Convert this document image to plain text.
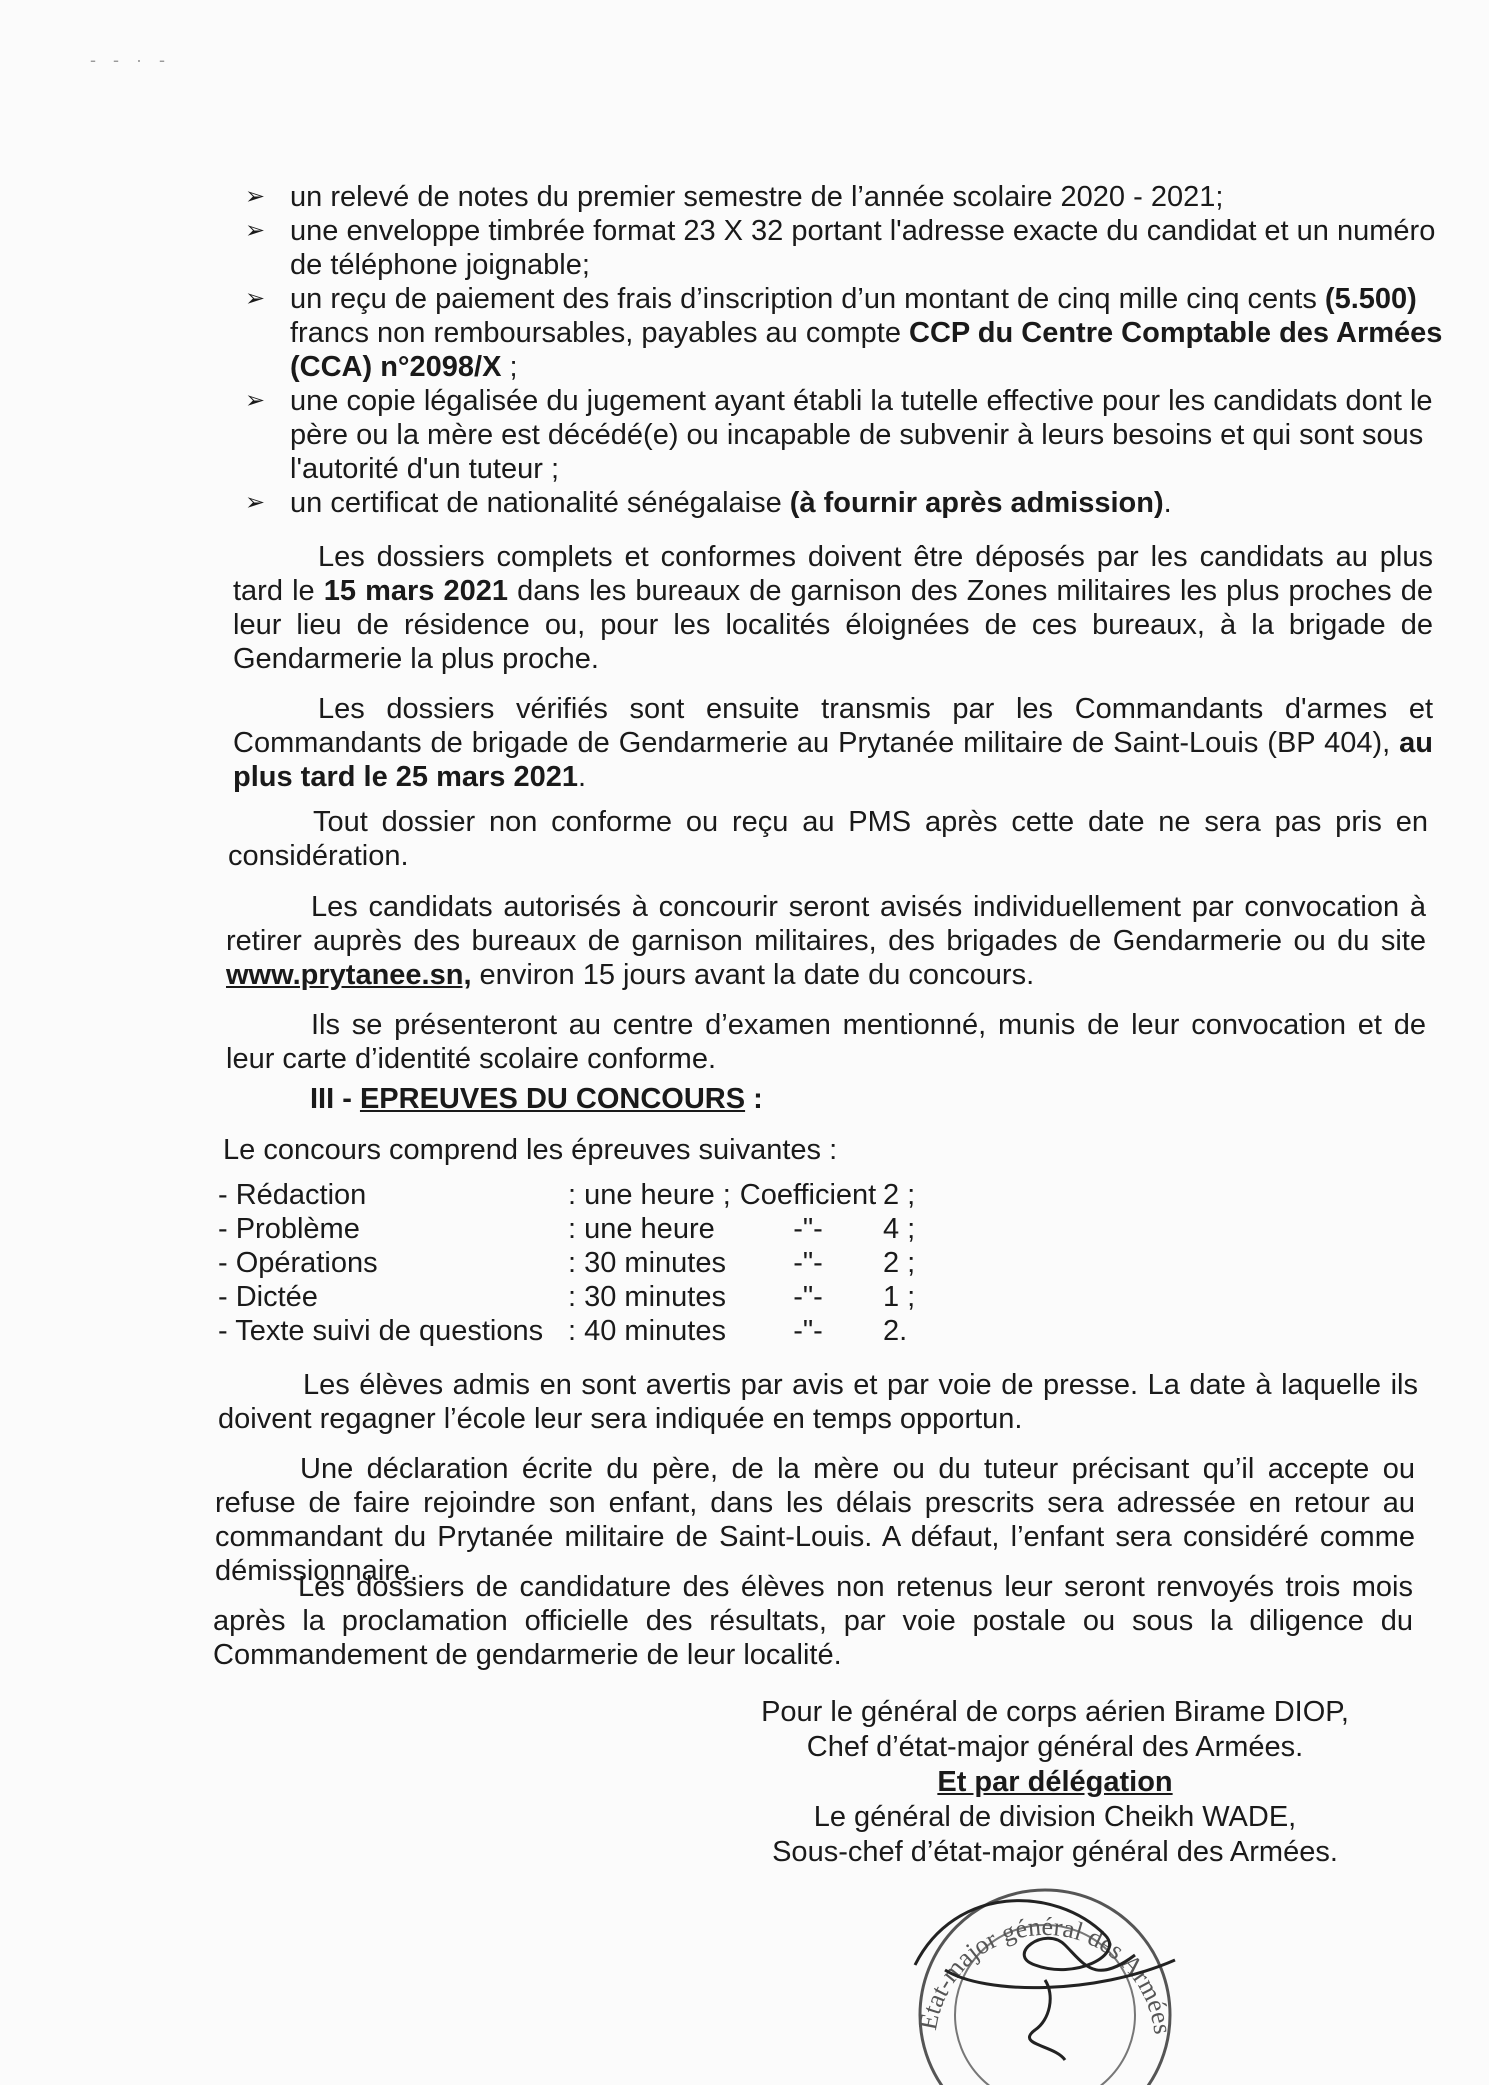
‐ ‐ · ‐
➢ un relevé de notes du premier semestre de l’année scolaire 2020 - 2021;
➢ une enveloppe timbrée format 23 X 32 portant l'adresse exacte du candidat et un numéro de téléphone joignable;
➢ un reçu de paiement des frais d’inscription d’un montant de cinq mille cinq cents (5.500) francs non remboursables, payables au compte CCP du Centre Comptable des Armées (CCA) n°2098/X ;
➢ une copie légalisée du jugement ayant établi la tutelle effective pour les candidats dont le père ou la mère est décédé(e) ou incapable de subvenir à leurs besoins et qui sont sous l'autorité d'un tuteur ;
➢ un certificat de nationalité sénégalaise (à fournir après admission).
Les dossiers complets et conformes doivent être déposés par les candidats au plus tard le 15 mars 2021 dans les bureaux de garnison des Zones militaires les plus proches de leur lieu de résidence ou, pour les localités éloignées de ces bureaux, à la brigade de Gendarmerie la plus proche.
Les dossiers vérifiés sont ensuite transmis par les Commandants d'armes et Commandants de brigade de Gendarmerie au Prytanée militaire de Saint-Louis (BP 404), au plus tard le 25 mars 2021.
Tout dossier non conforme ou reçu au PMS après cette date ne sera pas pris en considération.
Les candidats autorisés à concourir seront avisés individuellement par convocation à retirer auprès des bureaux de garnison militaires, des brigades de Gendarmerie ou du site www.prytanee.sn, environ 15 jours avant la date du concours.
Ils se présenteront au centre d’examen mentionné, munis de leur convocation et de leur carte d’identité scolaire conforme.
III - EPREUVES DU CONCOURS :
Le concours comprend les épreuves suivantes :
- Rédaction	: une heure ;	Coefficient	2 ;
- Problème	: une heure	-"-	4 ;
- Opérations	: 30 minutes	-"-	2 ;
- Dictée	: 30 minutes	-"-	1 ;
- Texte suivi de questions	: 40 minutes	-"-	2.
Les élèves admis en sont avertis par avis et par voie de presse. La date à laquelle ils doivent regagner l’école leur sera indiquée en temps opportun.
Une déclaration écrite du père, de la mère ou du tuteur précisant qu’il accepte ou refuse de faire rejoindre son enfant, dans les délais prescrits sera adressée en retour au commandant du Prytanée militaire de Saint-Louis. A défaut, l’enfant sera considéré comme démissionnaire.
Les dossiers de candidature des élèves non retenus leur seront renvoyés trois mois après la proclamation officielle des résultats, par voie postale ou sous la diligence du Commandement de gendarmerie de leur localité.
Pour le général de corps aérien Birame DIOP,
Chef d’état-major général des Armées.
Et par délégation
Le général de division Cheikh WADE,
Sous-chef d’état-major général des Armées.
Etat-major général des Armées
